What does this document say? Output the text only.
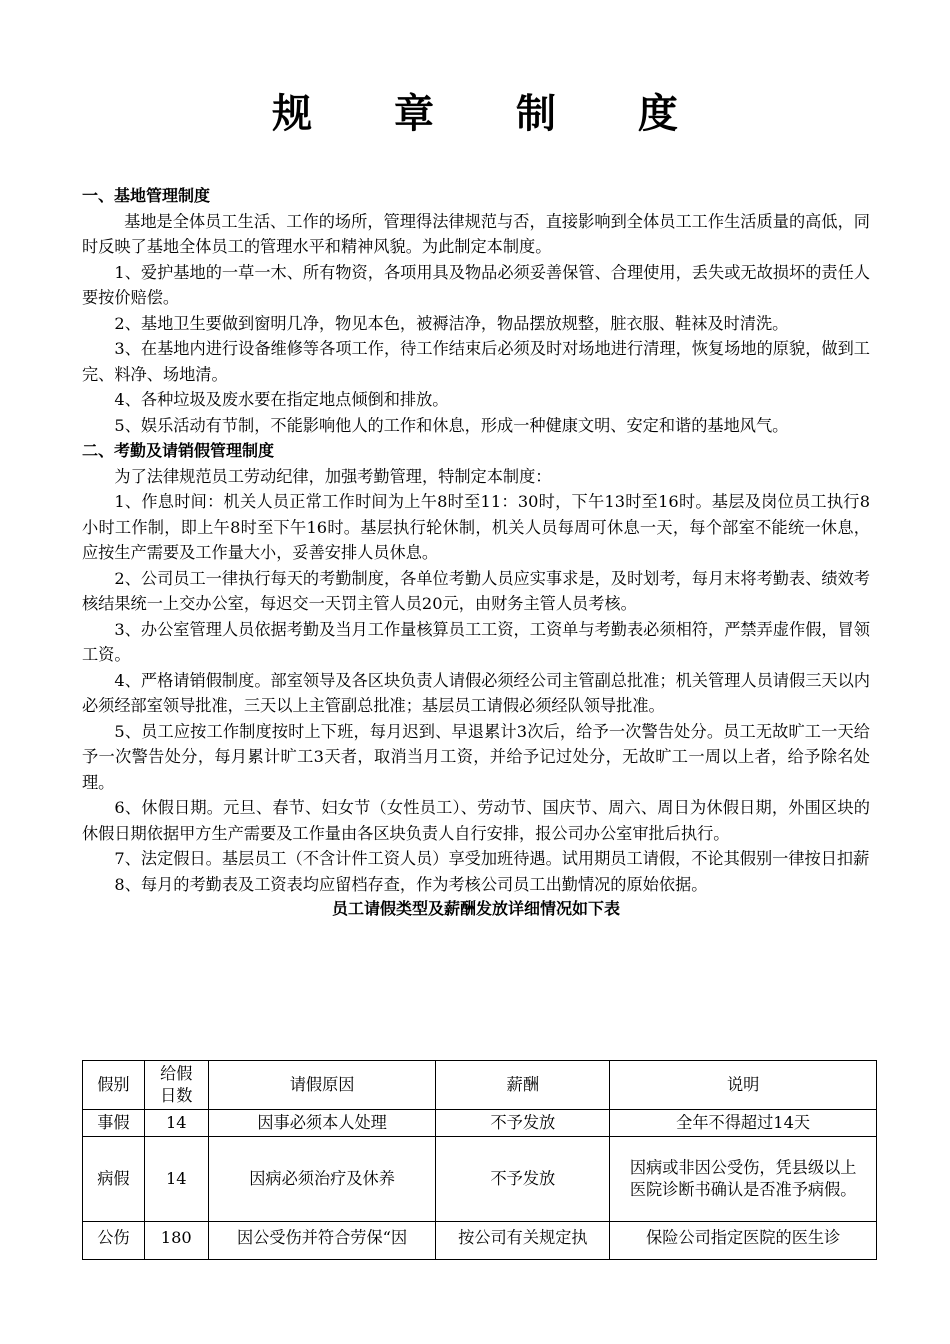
规 章 制 度

一、基地管理制度

基地是全体员工生活、工作的场所，管理得法律规范与否，直接影响到全体员工工作生活质量的高低，同时反映了基地全体员工的管理水平和精神风貌。为此制定本制度。

1、爱护基地的一草一木、所有物资，各项用具及物品必须妥善保管、合理使用，丢失或无故损坏的责任人要按价赔偿。

2、基地卫生要做到窗明几净，物见本色，被褥洁净，物品摆放规整，脏衣服、鞋袜及时清洗。

3、在基地内进行设备维修等各项工作，待工作结束后必须及时对场地进行清理，恢复场地的原貌，做到工完、料净、场地清。

4、各种垃圾及废水要在指定地点倾倒和排放。

5、娱乐活动有节制，不能影响他人的工作和休息，形成一种健康文明、安定和谐的基地风气。

二、考勤及请销假管理制度

为了法律规范员工劳动纪律，加强考勤管理，特制定本制度：

1、作息时间：机关人员正常工作时间为上午8时至11：30时，下午13时至16时。基层及岗位员工执行8小时工作制，即上午8时至下午16时。基层执行轮休制，机关人员每周可休息一天，每个部室不能统一休息，应按生产需要及工作量大小，妥善安排人员休息。

2、公司员工一律执行每天的考勤制度，各单位考勤人员应实事求是，及时划考，每月末将考勤表、绩效考核结果统一上交办公室，每迟交一天罚主管人员20元，由财务主管人员考核。

3、办公室管理人员依据考勤及当月工作量核算员工工资，工资单与考勤表必须相符，严禁弄虚作假，冒领工资。

4、严格请销假制度。部室领导及各区块负责人请假必须经公司主管副总批准；机关管理人员请假三天以内必须经部室领导批准，三天以上主管副总批准；基层员工请假必须经队领导批准。

5、员工应按工作制度按时上下班，每月迟到、早退累计3次后，给予一次警告处分。员工无故旷工一天给予一次警告处分，每月累计旷工3天者，取消当月工资，并给予记过处分，无故旷工一周以上者，给予除名处理。

6、休假日期。元旦、春节、妇女节（女性员工）、劳动节、国庆节、周六、周日为休假日期，外围区块的休假日期依据甲方生产需要及工作量由各区块负责人自行安排，报公司办公室审批后执行。

7、法定假日。基层员工（不含计件工资人员）享受加班待遇。试用期员工请假，不论其假别一律按日扣薪

8、每月的考勤表及工资表均应留档存查，作为考核公司员工出勤情况的原始依据。

员工请假类型及薪酬发放详细情况如下表

假别	给假日数	请假原因	薪酬	说明
事假	14	因事必须本人处理	不予发放	全年不得超过14天
病假	14	因病必须治疗及休养	不予发放	因病或非因公受伤，凭县级以上医院诊断书确认是否准予病假。
公伤	180	因公受伤并符合劳保“因	按公司有关规定执	保险公司指定医院的医生诊
